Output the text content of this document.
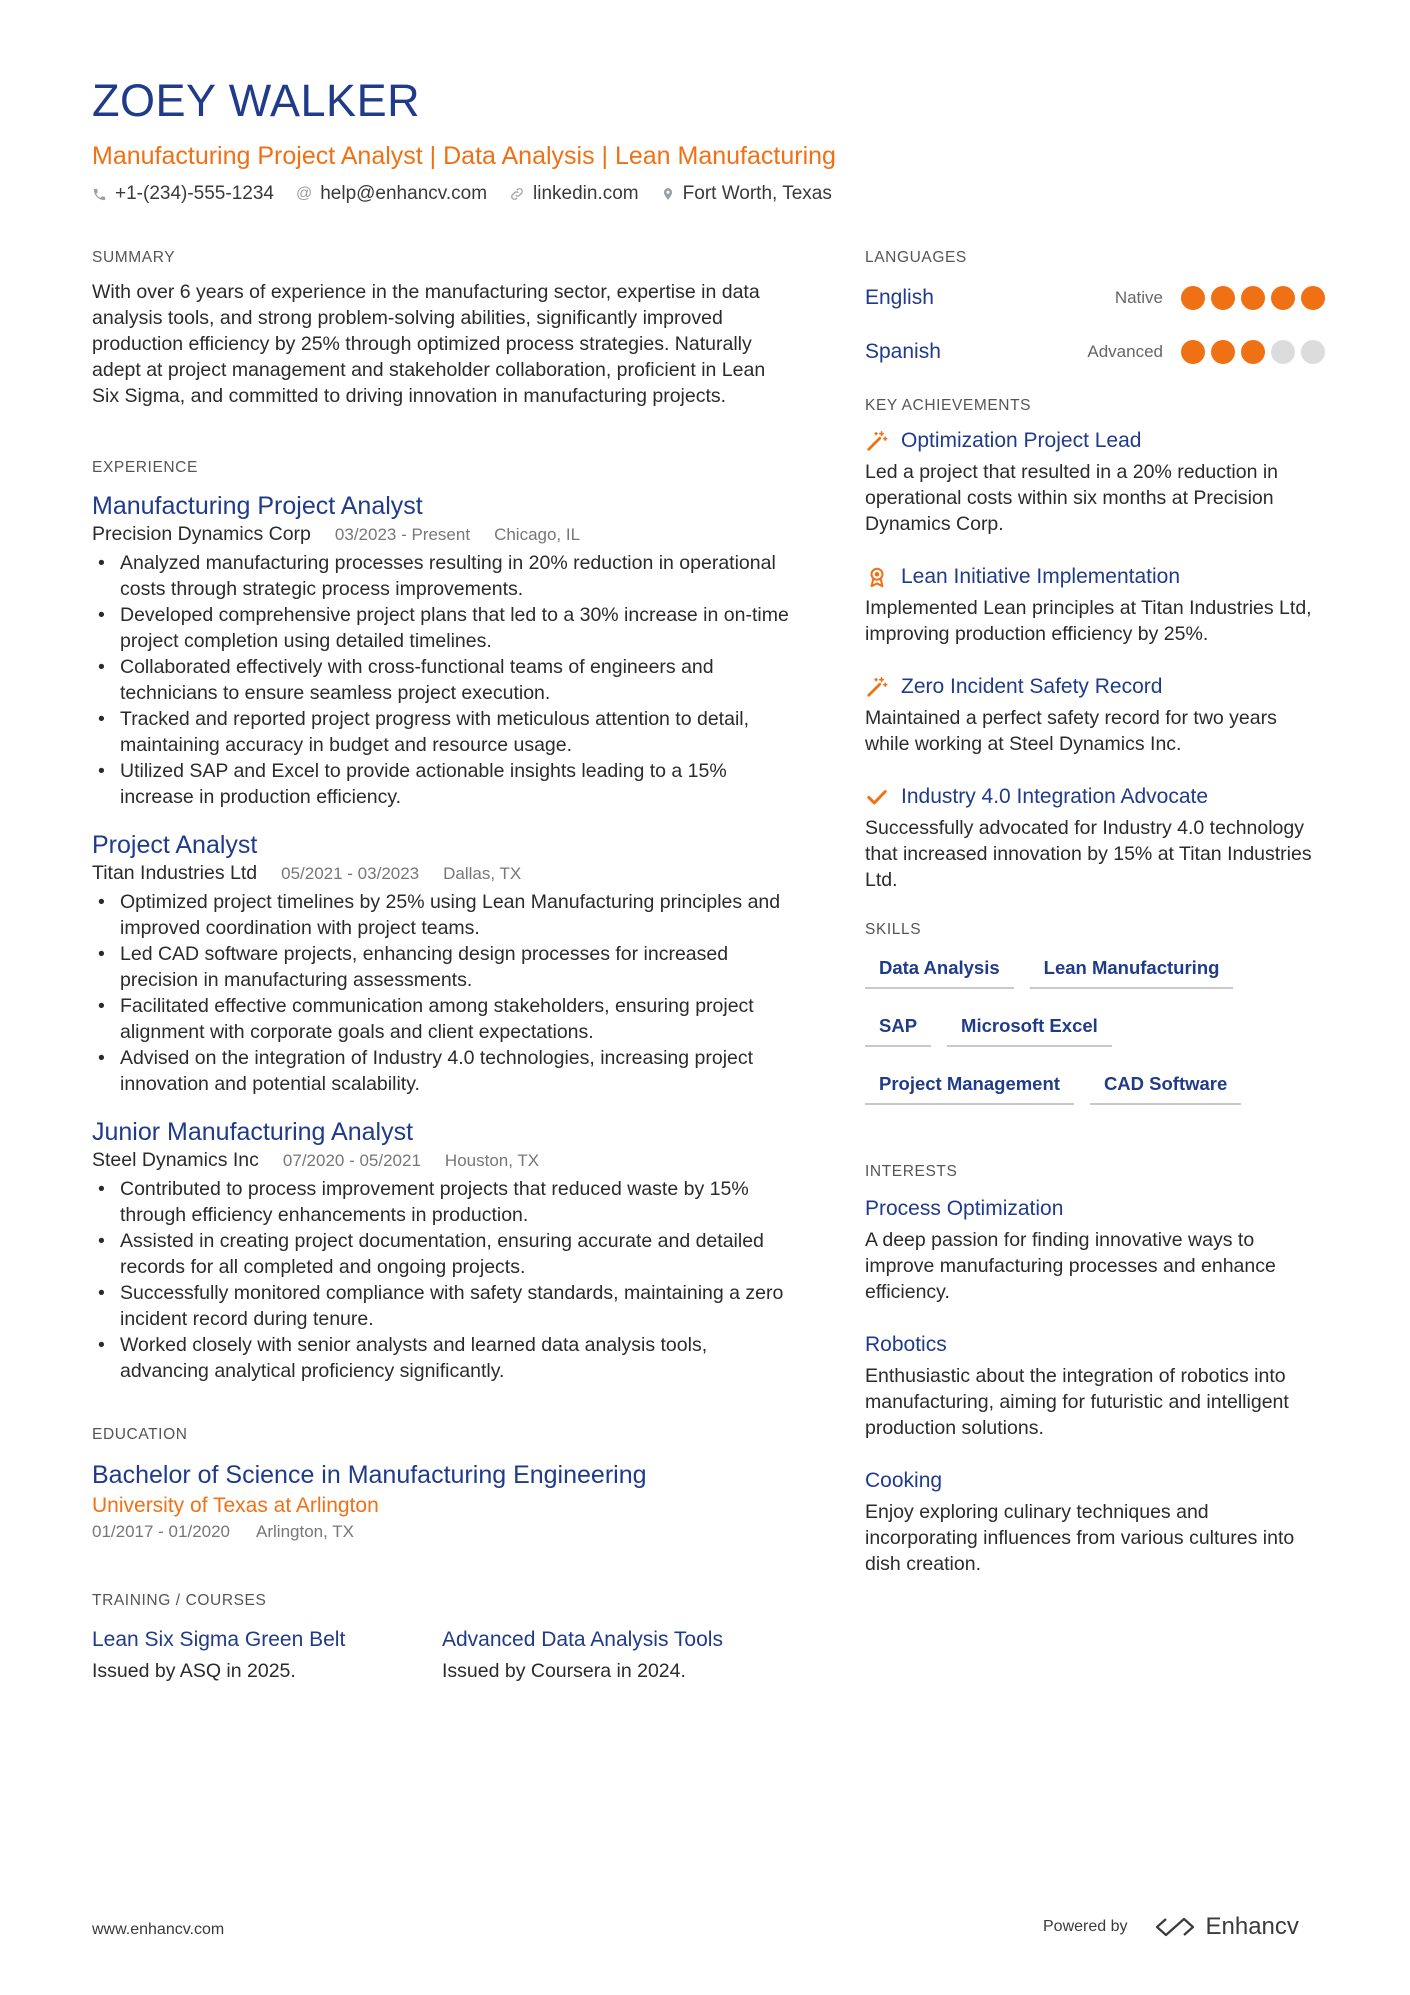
ZOEY WALKER
Manufacturing Project Analyst | Data Analysis | Lean Manufacturing
+1-(234)-555-1234 @ help@enhancv.com linkedin.com Fort Worth, Texas
SUMMARY
With over 6 years of experience in the manufacturing sector, expertise in data analysis tools, and strong problem-solving abilities, significantly improved production efficiency by 25% through optimized process strategies. Naturally adept at project management and stakeholder collaboration, proficient in Lean Six Sigma, and committed to driving innovation in manufacturing projects.
EXPERIENCE
Manufacturing Project Analyst
Precision Dynamics Corp 03/2023 - Present Chicago, IL
• Analyzed manufacturing processes resulting in 20% reduction in operational costs through strategic process improvements.
• Developed comprehensive project plans that led to a 30% increase in on-time project completion using detailed timelines.
• Collaborated effectively with cross-functional teams of engineers and technicians to ensure seamless project execution.
• Tracked and reported project progress with meticulous attention to detail, maintaining accuracy in budget and resource usage.
• Utilized SAP and Excel to provide actionable insights leading to a 15% increase in production efficiency.
Project Analyst
Titan Industries Ltd 05/2021 - 03/2023 Dallas, TX
• Optimized project timelines by 25% using Lean Manufacturing principles and improved coordination with project teams.
• Led CAD software projects, enhancing design processes for increased precision in manufacturing assessments.
• Facilitated effective communication among stakeholders, ensuring project alignment with corporate goals and client expectations.
• Advised on the integration of Industry 4.0 technologies, increasing project innovation and potential scalability.
Junior Manufacturing Analyst
Steel Dynamics Inc 07/2020 - 05/2021 Houston, TX
• Contributed to process improvement projects that reduced waste by 15% through efficiency enhancements in production.
• Assisted in creating project documentation, ensuring accurate and detailed records for all completed and ongoing projects.
• Successfully monitored compliance with safety standards, maintaining a zero incident record during tenure.
• Worked closely with senior analysts and learned data analysis tools, advancing analytical proficiency significantly.
EDUCATION
Bachelor of Science in Manufacturing Engineering
University of Texas at Arlington
01/2017 - 01/2020 Arlington, TX
TRAINING / COURSES
Lean Six Sigma Green Belt
Issued by ASQ in 2025.
Advanced Data Analysis Tools
Issued by Coursera in 2024.
LANGUAGES
English	Native
Spanish	Advanced
KEY ACHIEVEMENTS
Optimization Project Lead
Led a project that resulted in a 20% reduction in operational costs within six months at Precision Dynamics Corp.
Lean Initiative Implementation
Implemented Lean principles at Titan Industries Ltd, improving production efficiency by 25%.
Zero Incident Safety Record
Maintained a perfect safety record for two years while working at Steel Dynamics Inc.
Industry 4.0 Integration Advocate
Successfully advocated for Industry 4.0 technology that increased innovation by 15% at Titan Industries Ltd.
SKILLS
Data Analysis	Lean Manufacturing
SAP	Microsoft Excel
Project Management	CAD Software
INTERESTS
Process Optimization
A deep passion for finding innovative ways to improve manufacturing processes and enhance efficiency.
Robotics
Enthusiastic about the integration of robotics into manufacturing, aiming for futuristic and intelligent production solutions.
Cooking
Enjoy exploring culinary techniques and incorporating influences from various cultures into dish creation.
www.enhancv.com	Powered by	Enhancv
